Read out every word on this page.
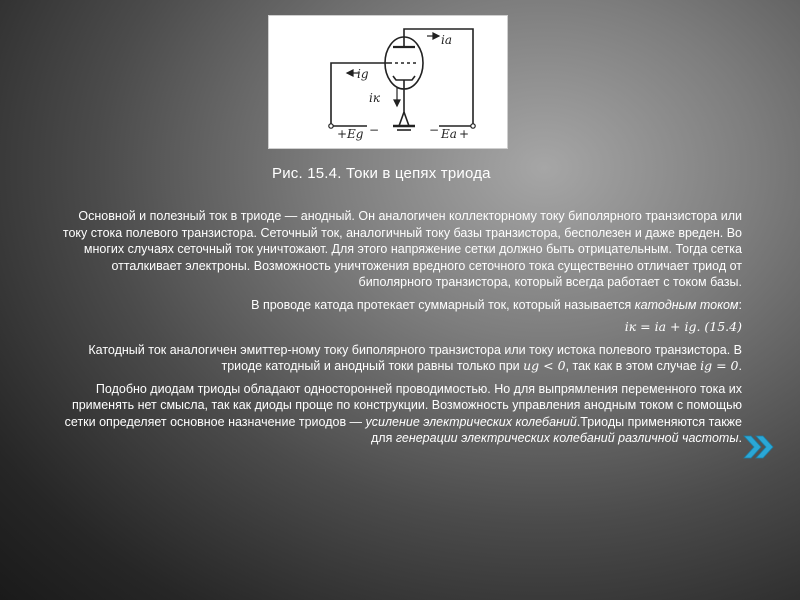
ia
ig
iк
+ Eg −	− Ea +
Рис. 15.4. Токи в цепях триода

Основной и полезный ток в триоде — анодный. Он аналогичен коллекторному току биполярного транзистора или току стока полевого транзистора. Сеточный ток, аналогичный току базы транзистора, бесполезен и даже вреден. Во многих случаях сеточный ток уничтожают. Для этого напряжение сетки должно быть отрицательным. Тогда сетка отталкивает электроны. Возможность уничтожения вредного сеточного тока существенно отличает триод от биполярного транзистора, который всегда работает с током базы.

В проводе катода протекает суммарный ток, который называется катодным током:

iк = ia + ig. (15.4)

Катодный ток аналогичен эмиттер-ному току биполярного транзистора или току истока полевого транзистора. В триоде катодный и анодный токи равны только при ug < 0, так как в этом случае ig = 0.

Подобно диодам триоды обладают односторонней проводимостью. Но для выпрямления переменного тока их применять нет смысла, так как диоды проще по конструкции. Возможность управления анодным током с помощью сетки определяет основное назначение триодов — усиление электрических колебаний.Триоды применяются также для генерации электрических колебаний различной частоты.
